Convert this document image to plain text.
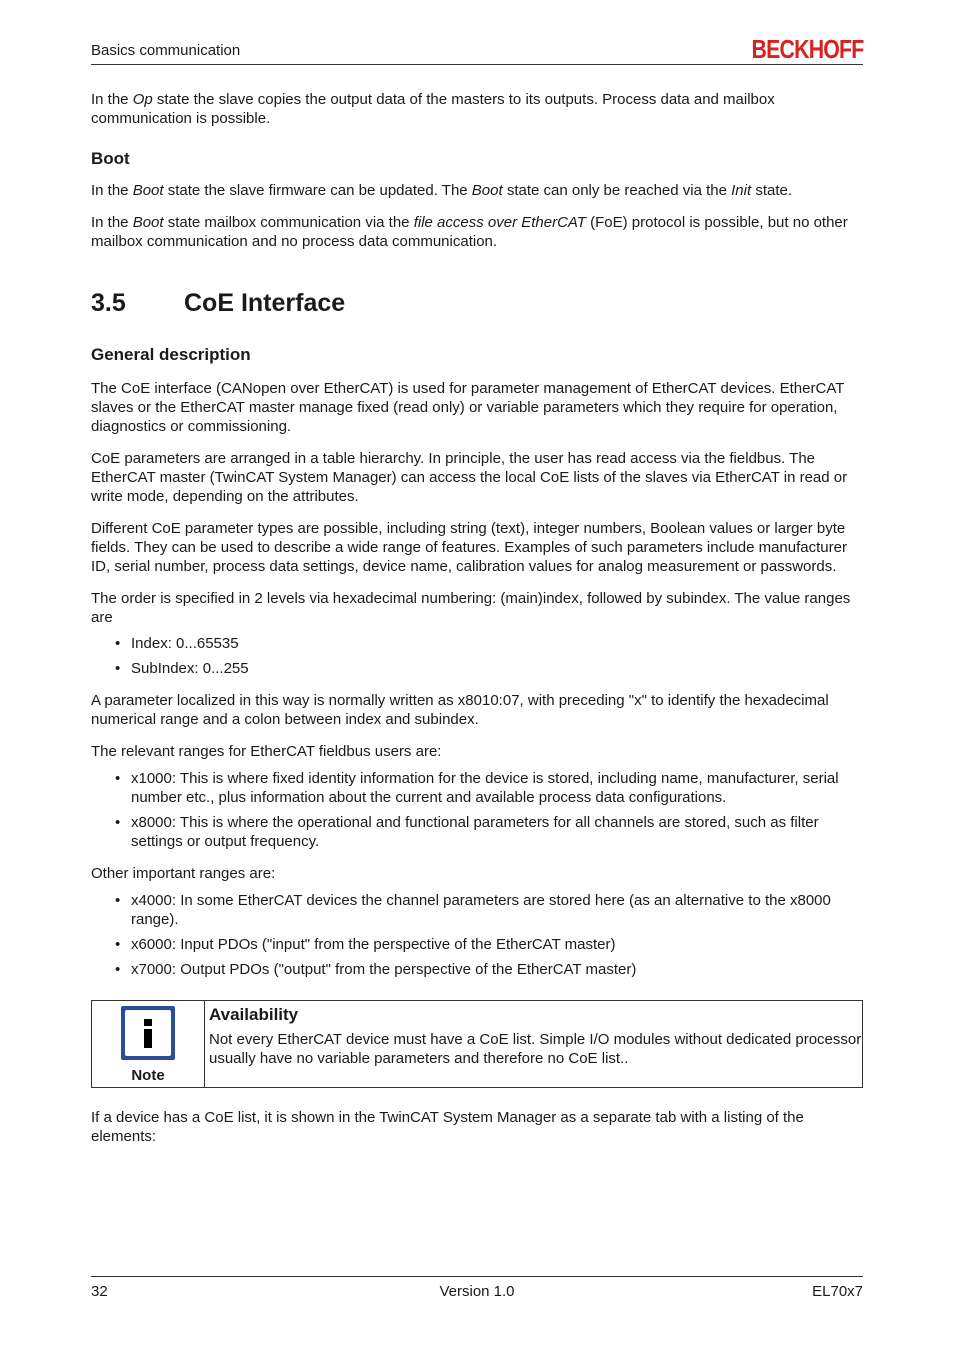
Basics communication	BECKHOFF

In the Op state the slave copies the output data of the masters to its outputs. Process data and mailbox communication is possible.

Boot

In the Boot state the slave firmware can be updated. The Boot state can only be reached via the Init state.

In the Boot state mailbox communication via the file access over EtherCAT (FoE) protocol is possible, but no other mailbox communication and no process data communication.

3.5 CoE Interface
General description

The CoE interface (CANopen over EtherCAT) is used for parameter management of EtherCAT devices. EtherCAT slaves or the EtherCAT master manage fixed (read only) or variable parameters which they require for operation, diagnostics or commissioning.

CoE parameters are arranged in a table hierarchy. In principle, the user has read access via the fieldbus. The EtherCAT master (TwinCAT System Manager) can access the local CoE lists of the slaves via EtherCAT in read or write mode, depending on the attributes.

Different CoE parameter types are possible, including string (text), integer numbers, Boolean values or larger byte fields. They can be used to describe a wide range of features. Examples of such parameters include manufacturer ID, serial number, process data settings, device name, calibration values for analog measurement or passwords.

The order is specified in 2 levels via hexadecimal numbering: (main)index, followed by subindex. The value ranges are

• Index: 0...65535
• SubIndex: 0...255

A parameter localized in this way is normally written as x8010:07, with preceding "x" to identify the hexadecimal numerical range and a colon between index and subindex.

The relevant ranges for EtherCAT fieldbus users are:

• x1000: This is where fixed identity information for the device is stored, including name, manufacturer, serial number etc., plus information about the current and available process data configurations.
• x8000: This is where the operational and functional parameters for all channels are stored, such as filter settings or output frequency.

Other important ranges are:

• x4000: In some EtherCAT devices the channel parameters are stored here (as an alternative to the x8000 range).
• x6000: Input PDOs ("input" from the perspective of the EtherCAT master)
• x7000: Output PDOs ("output" from the perspective of the EtherCAT master)
Note
Availability
Not every EtherCAT device must have a CoE list. Simple I/O modules without dedicated processor usually have no variable parameters and therefore no CoE list..

If a device has a CoE list, it is shown in the TwinCAT System Manager as a separate tab with a listing of the elements:

32	Version 1.0	EL70x7
